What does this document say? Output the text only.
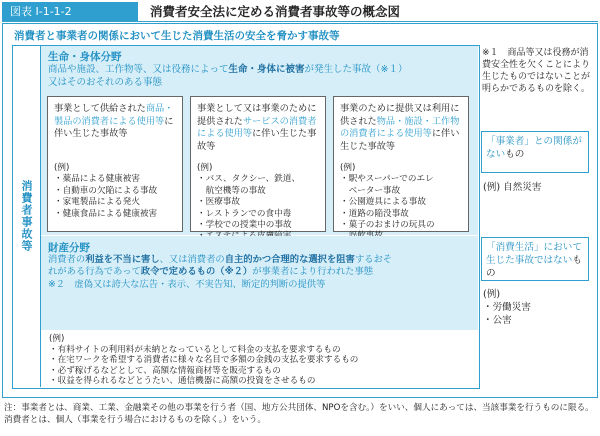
図表 Ⅰ-1-1-2	消費者安全法に定める消費者事故等の概念図
消費者と事業者の関係において生じた消費生活の安全を脅かす事故等
消費者事故等
生命・身体分野
商品や施設、工作物等、又は役務によって生命・身体に被害が発生した事故（※１）
又はそのおそれのある事態
事業として供給された商品・製品の消費者による使用等に伴い生じた事故等
(例)
・薬品による健康被害
・自動車の欠陥による事故
・家電製品による発火
・健康食品による健康被害
事業として又は事業のために提供されたサービスの消費者による使用等に伴い生じた事故等
(例)
・バス、タクシー、鉄道、
　航空機等の事故
・医療事故
・レストランでの食中毒
・学校での授業中の事故
事業のために提供又は利用に供された物品・施設・工作物の消費者による使用等に伴い生じた事故等
(例)
・駅やスーパーでのエレ
　ベーター事故
・公園遊具による事故
・道路の陥没事故
・菓子のおまけの玩具の
財産分野
消費者の利益を不当に害し、又は消費者の自主的かつ合理的な選択を阻害するおそ
れがある行為であって政令で定めるもの（※２）が事業者により行われた事態
※２　虚偽又は誇大な広告・表示、不実告知、断定的判断の提供等
(例)
・有料サイトの利用料が未納となっているとして料金の支払を要求するもの
・在宅ワークを希望する消費者に様々な名目で多額の金銭の支払を要求するもの
・必ず稼げるなどとして、高額な情報商材等を販売するもの
・収益を得られるなどとうたい、通信機器に高額の投資をさせるもの
※１　商品等又は役務が消費安全性を欠くことにより生じたものではないことが明らかであるものを除く。
「事業者」との関係がないもの
(例) 自然災害
「消費生活」において生じた事故ではないもの
(例)
・労働災害
・公害
注：事業者とは、商業、工業、金融業その他の事業を行う者（国、地方公共団体、NPOを含む。）をいい、個人にあっては、当該事業を行うものに限る。消費者とは、個人（事業を行う場合におけるものを除く。）をいう。
